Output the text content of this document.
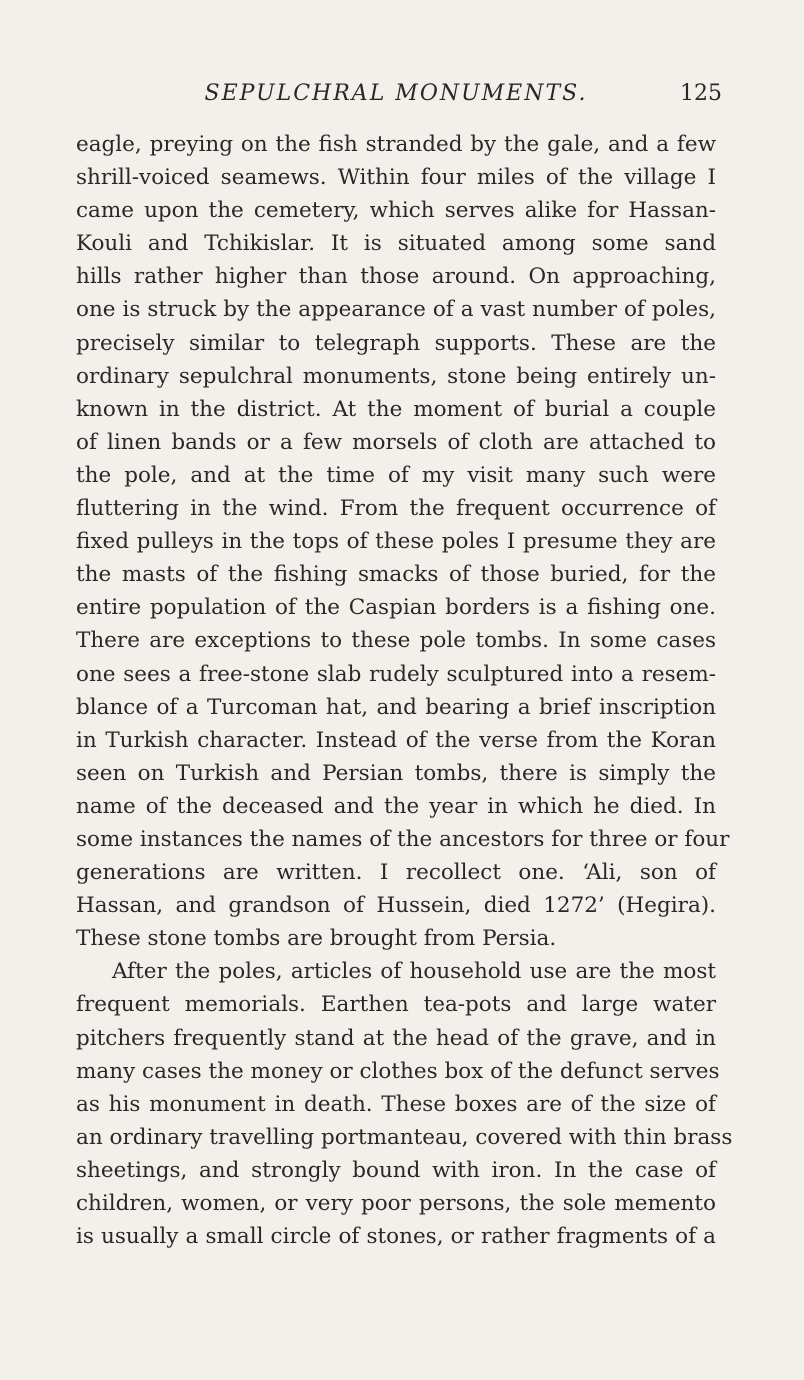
SEPULCHRAL MONUMENTS.	125
eagle, preying on the fish stranded by the gale, and a few
shrill-voiced seamews. Within four miles of the village I
came upon the cemetery, which serves alike for Hassan-
Kouli and Tchikislar. It is situated among some sand
hills rather higher than those around. On approaching,
one is struck by the appearance of a vast number of poles,
precisely similar to telegraph supports. These are the
ordinary sepulchral monuments, stone being entirely un-
known in the district. At the moment of burial a couple
of linen bands or a few morsels of cloth are attached to
the pole, and at the time of my visit many such were
fluttering in the wind. From the frequent occurrence of
fixed pulleys in the tops of these poles I presume they are
the masts of the fishing smacks of those buried, for the
entire population of the Caspian borders is a fishing one.
There are exceptions to these pole tombs. In some cases
one sees a free-stone slab rudely sculptured into a resem-
blance of a Turcoman hat, and bearing a brief inscription
in Turkish character. Instead of the verse from the Koran
seen on Turkish and Persian tombs, there is simply the
name of the deceased and the year in which he died. In
some instances the names of the ancestors for three or four
generations are written. I recollect one. ‘Ali, son of
Hassan, and grandson of Hussein, died 1272’ (Hegira).
These stone tombs are brought from Persia.
After the poles, articles of household use are the most
frequent memorials. Earthen tea-pots and large water
pitchers frequently stand at the head of the grave, and in
many cases the money or clothes box of the defunct serves
as his monument in death. These boxes are of the size of
an ordinary travelling portmanteau, covered with thin brass
sheetings, and strongly bound with iron. In the case of
children, women, or very poor persons, the sole memento
is usually a small circle of stones, or rather fragments of a
